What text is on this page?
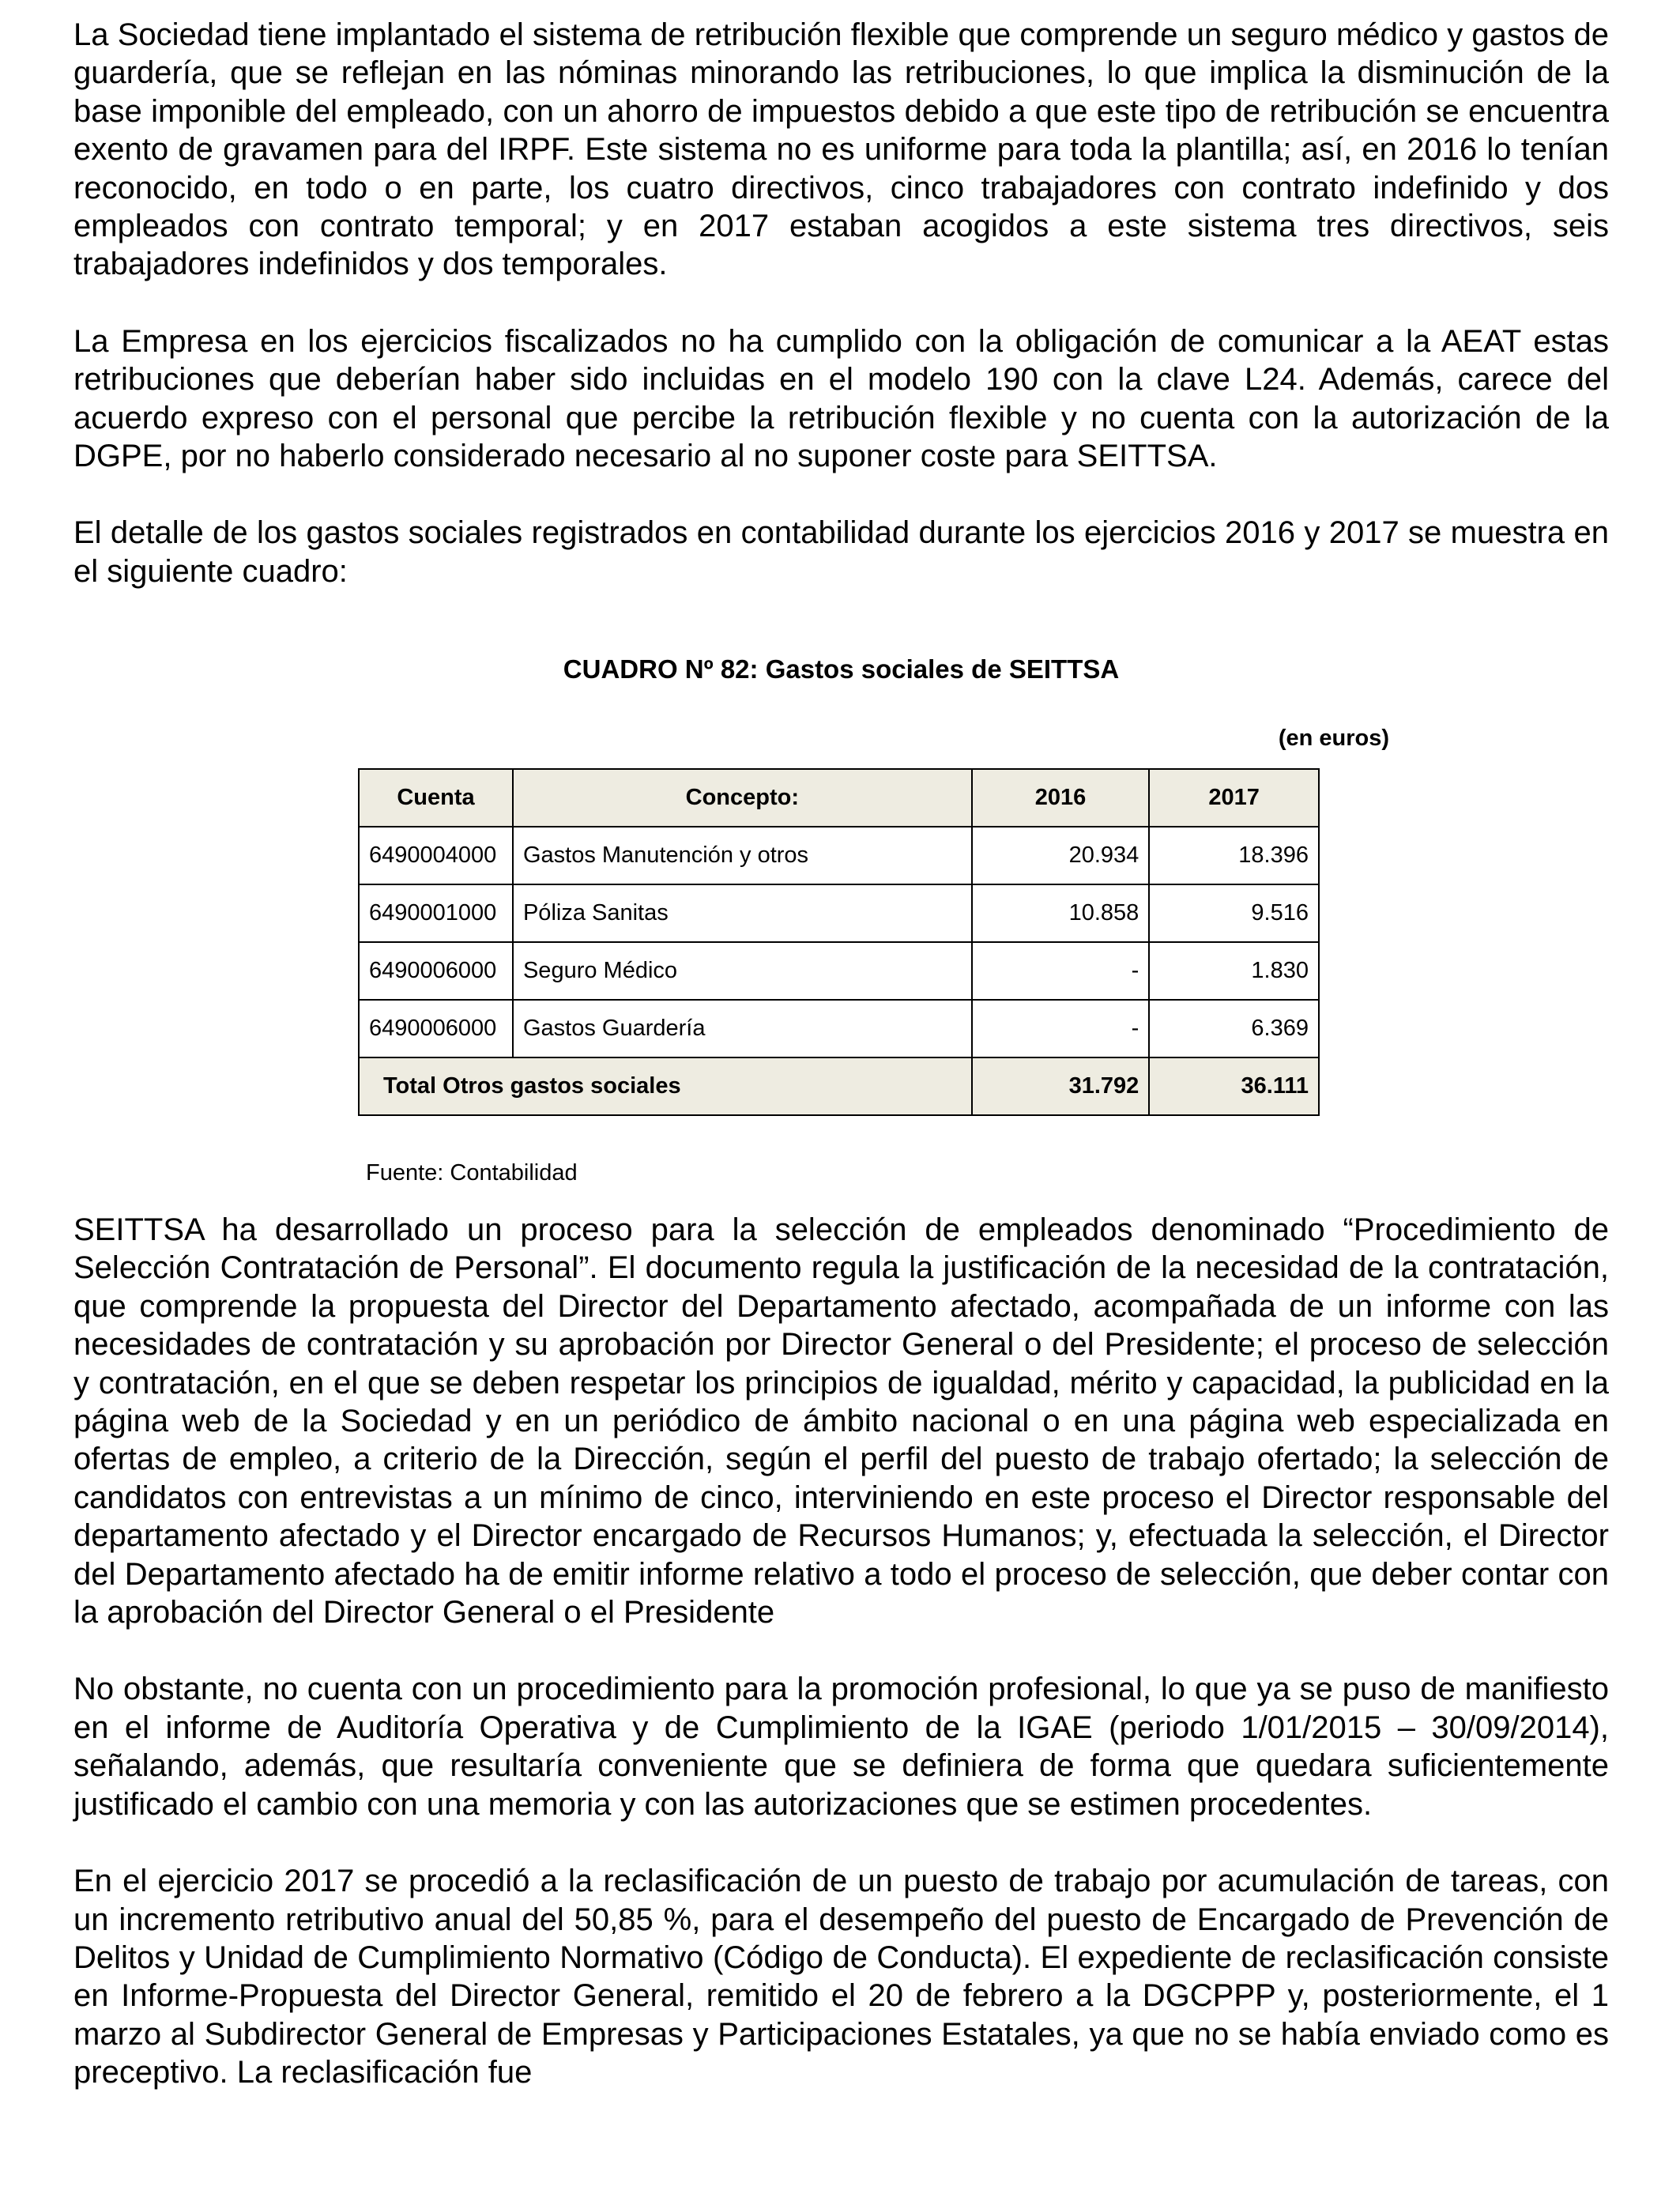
La Sociedad tiene implantado el sistema de retribución flexible que comprende un seguro médico y gastos de guardería, que se reflejan en las nóminas minorando las retribuciones, lo que implica la disminución de la base imponible del empleado, con un ahorro de impuestos debido a que este tipo de retribución se encuentra exento de gravamen para del IRPF. Este sistema no es uniforme para toda la plantilla; así, en 2016 lo tenían reconocido, en todo o en parte, los cuatro directivos, cinco trabajadores con contrato indefinido y dos empleados con contrato temporal; y en 2017 estaban acogidos a este sistema tres directivos, seis trabajadores indefinidos y dos temporales.

La Empresa en los ejercicios fiscalizados no ha cumplido con la obligación de comunicar a la AEAT estas retribuciones que deberían haber sido incluidas en el modelo 190 con la clave L24. Además, carece del acuerdo expreso con el personal que percibe la retribución flexible y no cuenta con la autorización de la DGPE, por no haberlo considerado necesario al no suponer coste para SEITTSA.

El detalle de los gastos sociales registrados en contabilidad durante los ejercicios 2016 y 2017 se muestra en el siguiente cuadro:

CUADRO Nº 82: Gastos sociales de SEITTSA

(en euros)
Cuenta	Concepto:	2016	2017
6490004000	Gastos Manutención y otros	20.934	18.396
6490001000	Póliza Sanitas	10.858	9.516
6490006000	Seguro Médico	-	1.830
6490006000	Gastos Guardería	-	6.369
Total Otros gastos sociales		31.792	36.111
Fuente: Contabilidad

SEITTSA ha desarrollado un proceso para la selección de empleados denominado “Procedimiento de Selección Contratación de Personal”. El documento regula la justificación de la necesidad de la contratación, que comprende la propuesta del Director del Departamento afectado, acompañada de un informe con las necesidades de contratación y su aprobación por Director General o del Presidente; el proceso de selección y contratación, en el que se deben respetar los principios de igualdad, mérito y capacidad, la publicidad en la página web de la Sociedad y en un periódico de ámbito nacional o en una página web especializada en ofertas de empleo, a criterio de la Dirección, según el perfil del puesto de trabajo ofertado; la selección de candidatos con entrevistas a un mínimo de cinco, interviniendo en este proceso el Director responsable del departamento afectado y el Director encargado de Recursos Humanos; y, efectuada la selección, el Director del Departamento afectado ha de emitir informe relativo a todo el proceso de selección, que deber contar con la aprobación del Director General o el Presidente

No obstante, no cuenta con un procedimiento para la promoción profesional, lo que ya se puso de manifiesto en el informe de Auditoría Operativa y de Cumplimiento de la IGAE (periodo 1/01/2015 – 30/09/2014), señalando, además, que resultaría conveniente que se definiera de forma que quedara suficientemente justificado el cambio con una memoria y con las autorizaciones que se estimen procedentes.

En el ejercicio 2017 se procedió a la reclasificación de un puesto de trabajo por acumulación de tareas, con un incremento retributivo anual del 50,85 %, para el desempeño del puesto de Encargado de Prevención de Delitos y Unidad de Cumplimiento Normativo (Código de Conducta). El expediente de reclasificación consiste en Informe-Propuesta del Director General, remitido el 20 de febrero a la DGCPPP y, posteriormente, el 1 marzo al Subdirector General de Empresas y Participaciones Estatales, ya que no se había enviado como es preceptivo. La reclasificación fue
